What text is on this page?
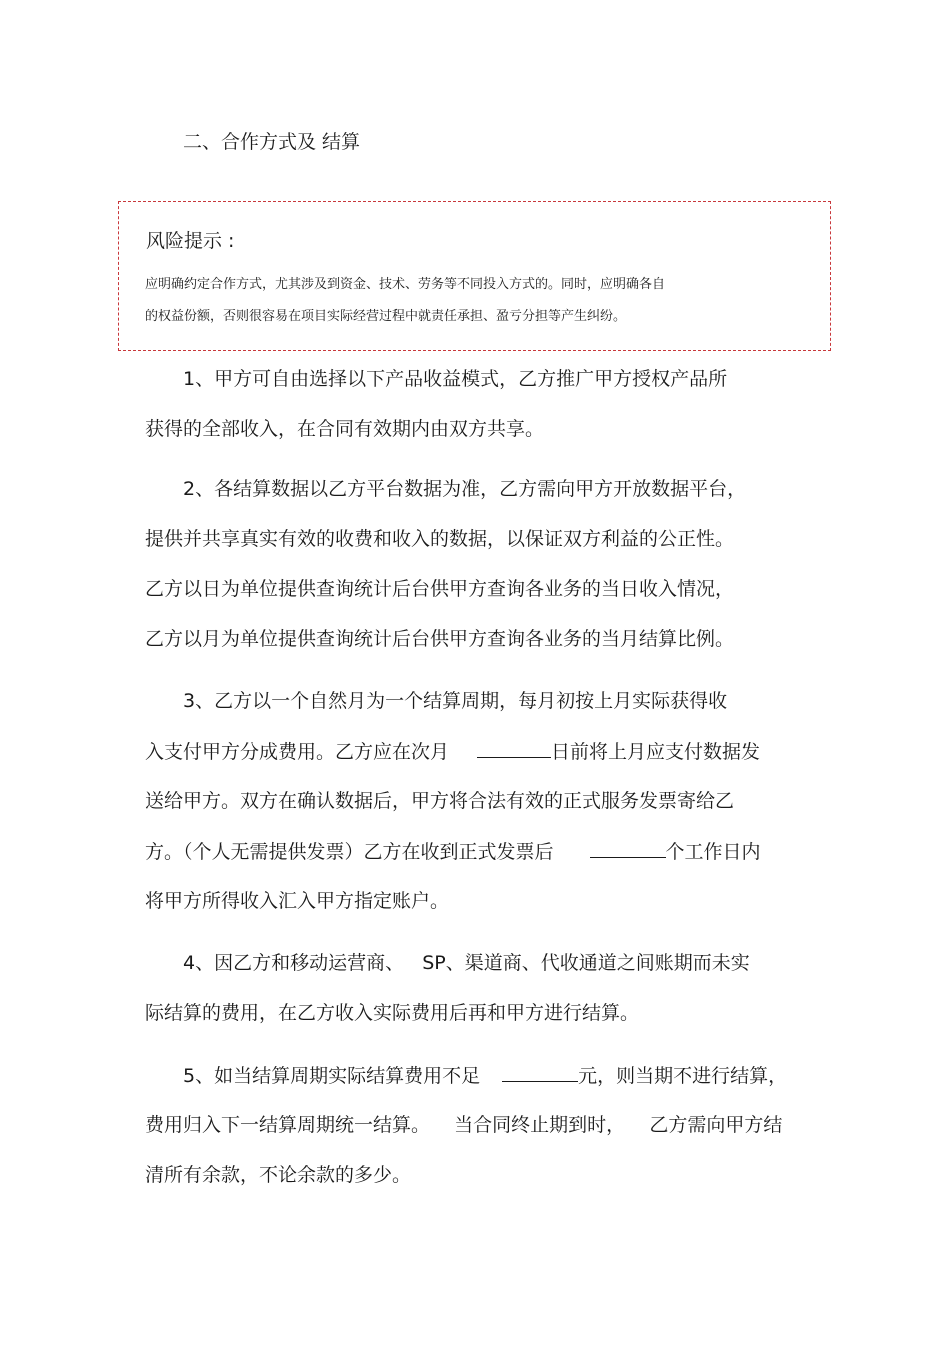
二、合作方式及 结算
风险提示 :
应明确约定合作方式，尤其涉及到资金、技术、劳务等不同投入方式的。同时，应明确各自
的权益份额，否则很容易在项目实际经营过程中就责任承担、盈亏分担等产生纠纷。
1、甲方可自由选择以下产品收益模式，乙方推广甲方授权产品所
获得的全部收入，在合同有效期内由双方共享。
2、各结算数据以乙方平台数据为准，乙方需向甲方开放数据平台，
提供并共享真实有效的收费和收入的数据，以保证双方利益的公正性。
乙方以日为单位提供查询统计后台供甲方查询各业务的当日收入情况，
乙方以月为单位提供查询统计后台供甲方查询各业务的当月结算比例。
3、乙方以一个自然月为一个结算周期，每月初按上月实际获得收
入支付甲方分成费用。乙方应在次月	日前将上月应支付数据发
送给甲方。双方在确认数据后，甲方将合法有效的正式服务发票寄给乙
方。（个人无需提供发票）乙方在收到正式发票后	个工作日内
将甲方所得收入汇入甲方指定账户。
4、因乙方和移动运营商、   SP、渠道商、代收通道之间账期而未实
际结算的费用，在乙方收入实际费用后再和甲方进行结算。
5、如当结算周期实际结算费用不足	元，则当期不进行结算，
费用归入下一结算周期统一结算。    当合同终止期到时，    乙方需向甲方结
清所有余款，不论余款的多少。
